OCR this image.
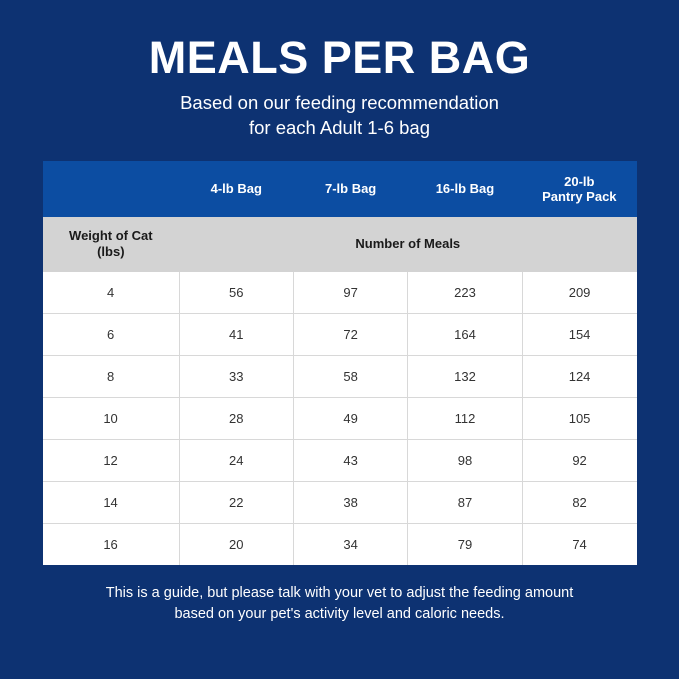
MEALS PER BAG
Based on our feeding recommendation
for each Adult 1-6 bag
	4-lb Bag	7-lb Bag	16-lb Bag	20-lb
Pantry Pack
Weight of Cat
(lbs)	Number of Meals			
4	56	97	223	209
6	41	72	164	154
8	33	58	132	124
10	28	49	112	105
12	24	43	98	92
14	22	38	87	82
16	20	34	79	74
This is a guide, but please talk with your vet to adjust the feeding amount
based on your pet's activity level and caloric needs.
